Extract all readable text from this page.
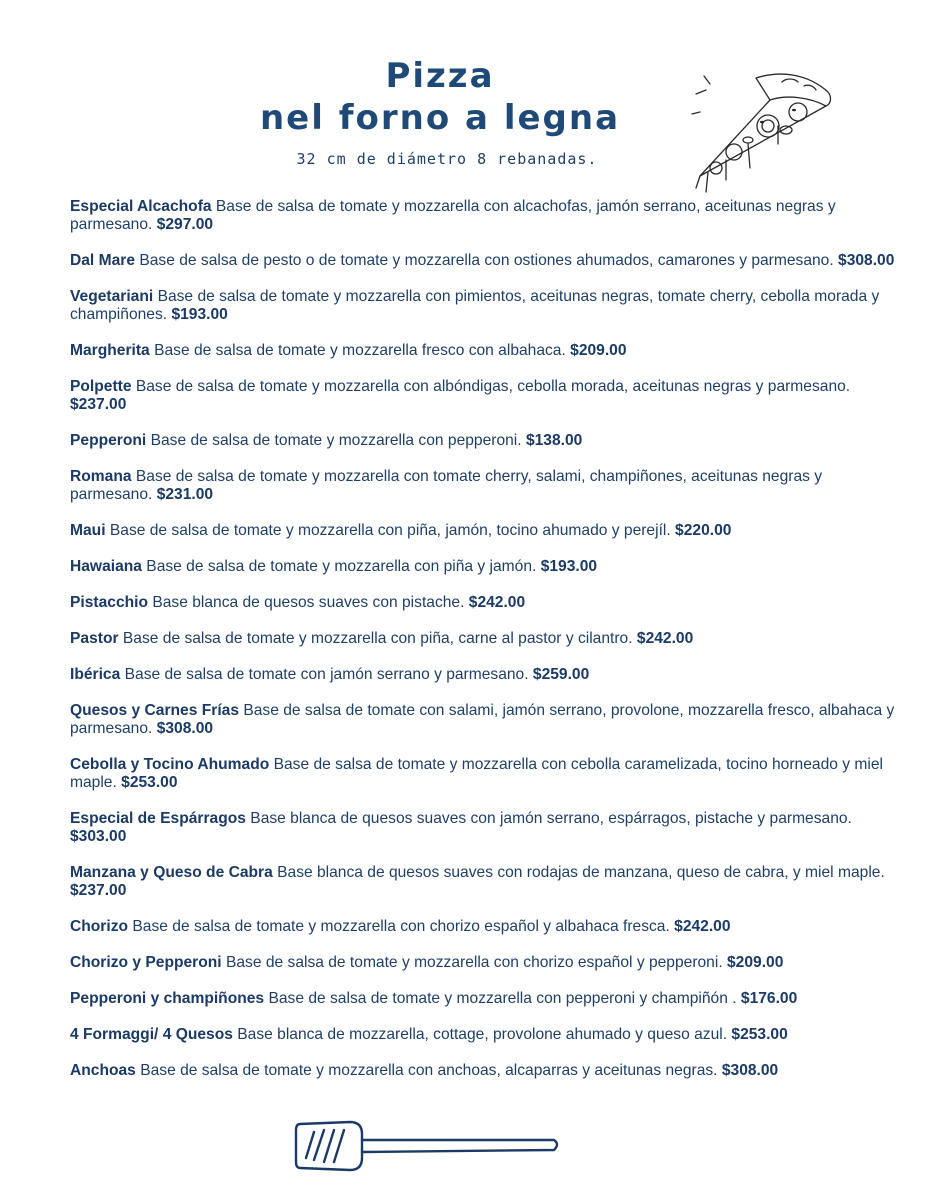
Pizza
nel forno a legna
32 cm de diámetro 8 rebanadas.

Especial Alcachofa Base de salsa de tomate y mozzarella con alcachofas, jamón serrano, aceitunas negras y parmesano. $297.00

Dal Mare Base de salsa de pesto o de tomate y mozzarella con ostiones ahumados, camarones y parmesano. $308.00

Vegetariani Base de salsa de tomate y mozzarella con pimientos, aceitunas negras, tomate cherry, cebolla morada y champiñones. $193.00

Margherita Base de salsa de tomate y mozzarella fresco con albahaca. $209.00

Polpette Base de salsa de tomate y mozzarella con albóndigas, cebolla morada, aceitunas negras y parmesano. $237.00

Pepperoni Base de salsa de tomate y mozzarella con pepperoni. $138.00

Romana Base de salsa de tomate y mozzarella con tomate cherry, salami, champiñones, aceitunas negras y parmesano. $231.00

Maui Base de salsa de tomate y mozzarella con piña, jamón, tocino ahumado y perejíl. $220.00

Hawaiana Base de salsa de tomate y mozzarella con piña y jamón. $193.00

Pistacchio Base blanca de quesos suaves con pistache. $242.00

Pastor Base de salsa de tomate y mozzarella con piña, carne al pastor y cilantro. $242.00

Ibérica Base de salsa de tomate con jamón serrano y parmesano. $259.00

Quesos y Carnes Frías Base de salsa de tomate con salami, jamón serrano, provolone, mozzarella fresco, albahaca y parmesano. $308.00

Cebolla y Tocino Ahumado Base de salsa de tomate y mozzarella con cebolla caramelizada, tocino horneado y miel maple. $253.00

Especial de Espárragos Base blanca de quesos suaves con jamón serrano, espárragos, pistache y parmesano. $303.00

Manzana y Queso de Cabra Base blanca de quesos suaves con rodajas de manzana, queso de cabra, y miel maple. $237.00

Chorizo Base de salsa de tomate y mozzarella con chorizo español y albahaca fresca. $242.00

Chorizo y Pepperoni Base de salsa de tomate y mozzarella con chorizo español y pepperoni. $209.00

Pepperoni y champiñones Base de salsa de tomate y mozzarella con pepperoni y champiñón . $176.00

4 Formaggi/ 4 Quesos Base blanca de mozzarella, cottage, provolone ahumado y queso azul. $253.00

Anchoas Base de salsa de tomate y mozzarella con anchoas, alcaparras y aceitunas negras. $308.00
